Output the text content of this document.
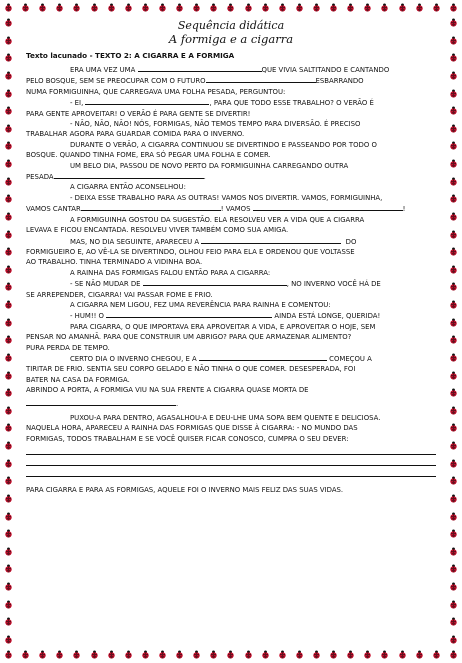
Sequência didática

A formiga e a cigarra

Texto lacunado - TEXTO 2: A CIGARRA E A FORMIGA

ERA UMA VEZ UMA	QUE VIVIA SALTITANDO E CANTANDO

PELO BOSQUE, SEM SE PREOCUPAR COM O FUTURO	ESBARRANDO

NUMA FORMIGUINHA, QUE CARREGAVA UMA FOLHA PESADA, PERGUNTOU:

- EI,	, PARA QUE TODO ESSE TRABALHO? O VERÃO É

PARA GENTE APROVEITAR! O VERÃO É PARA GENTE SE DIVERTIR!

- NÃO, NÃO, NÃO! NÓS, FORMIGAS, NÃO TEMOS TEMPO PARA DIVERSÃO. É PRECISO

TRABALHAR AGORA PARA GUARDAR COMIDA PARA O INVERNO.

DURANTE O VERÃO, A CIGARRA CONTINUOU SE DIVERTINDO E PASSEANDO POR TODO O

BOSQUE. QUANDO TINHA FOME, ERA SÓ PEGAR UMA FOLHA E COMER.

UM BELO DIA, PASSOU DE NOVO PERTO DA FORMIGUINHA CARREGANDO OUTRA

PESADA	.

A CIGARRA ENTÃO ACONSELHOU:

- DEIXA ESSE TRABALHO PARA AS OUTRAS! VAMOS NOS DIVERTIR. VAMOS, FORMIGUINHA,

VAMOS CANTAR	! VAMOS	!

A FORMIGUINHA GOSTOU DA SUGESTÃO. ELA RESOLVEU VER A VIDA QUE A CIGARRA

LEVAVA E FICOU ENCANTADA. RESOLVEU VIVER TAMBÉM COMO SUA AMIGA.

MAS, NO DIA SEGUINTE, APARECEU A	DO

FORMIGUEIRO E, AO VÊ-LA SE DIVERTINDO, OLHOU FEIO PARA ELA E ORDENOU QUE VOLTASSE

AO TRABALHO. TINHA TERMINADO A VIDINHA BOA.

A RAINHA DAS FORMIGAS FALOU ENTÃO PARA A CIGARRA:

- SE NÃO MUDAR DE	, NO INVERNO VOCÊ HÁ DE

SE ARREPENDER, CIGARRA! VAI PASSAR FOME E FRIO.

A CIGARRA NEM LIGOU, FEZ UMA REVERÊNCIA PARA RAINHA E COMENTOU:

- HUM!! O	AINDA ESTÁ LONGE, QUERIDA!

PARA CIGARRA, O QUE IMPORTAVA ERA APROVEITAR A VIDA, E APROVEITAR O HOJE, SEM

PENSAR NO AMANHÃ. PARA QUE CONSTRUIR UM ABRIGO? PARA QUE ARMAZENAR ALIMENTO?

PURA PERDA DE TEMPO.

CERTO DIA O INVERNO CHEGOU, E A	COMEÇOU A

TIRITAR DE FRIO. SENTIA SEU CORPO GELADO E NÃO TINHA O QUE COMER. DESESPERADA, FOI

BATER NA CASA DA FORMIGA.

ABRINDO A PORTA, A FORMIGA VIU NA SUA FRENTE A CIGARRA QUASE MORTA DE

.

PUXOU-A PARA DENTRO, AGASALHOU-A E DEU-LHE UMA SOPA BEM QUENTE E DELICIOSA.

NAQUELA HORA, APARECEU A RAINHA DAS FORMIGAS QUE DISSE À CIGARRA: - NO MUNDO DAS

FORMIGAS, TODOS TRABALHAM E SE VOCÊ QUISER FICAR CONOSCO, CUMPRA O SEU DEVER:

PARA CIGARRA E PARA AS FORMIGAS, AQUELE FOI O INVERNO MAIS FELIZ DAS SUAS VIDAS.
